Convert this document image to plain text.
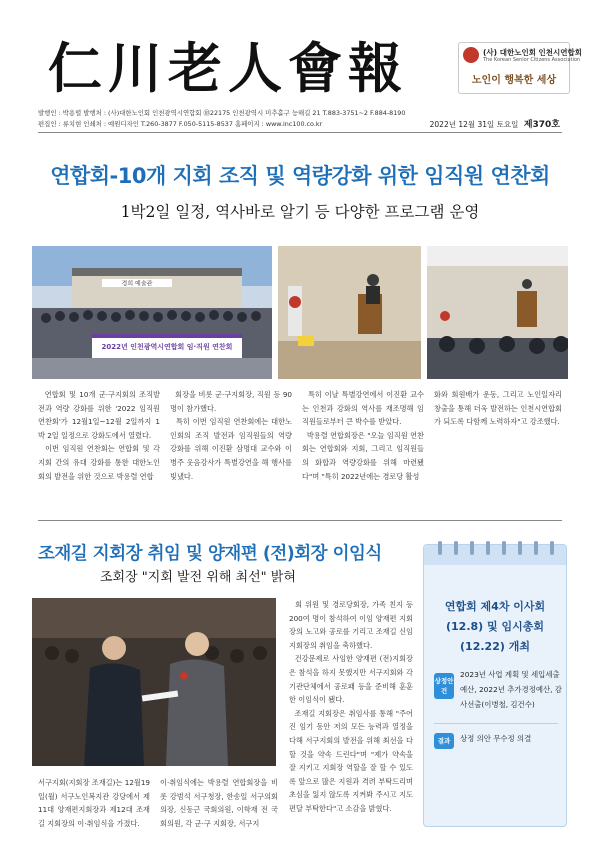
仁川老人會報	(사) 대한노인회 인천시연합회
The Korean Senior Citizens Association
노인이 행복한 세상
발행인 : 박용렬 발행처 : (사)대한노인회 인천광역시연합회 ㊞22175 인천광역시 미추홀구 능해길 21 T.883-3751~2 F.884-8190
편집인 : 류치현 인쇄처 : 예원디자인 T.260-3877 F.050-5115-8537 홈페이지 : www.inc100.co.kr	2022년 12월 31일 토요일 제370호
연합회-10개 지회 조직 및 역량강화 위한 임직원 연찬회
1박2일 일정, 역사바로 알기 등 다양한 프로그램 운영
경희 예술관
2022년 인천광역시연합회 임·직원 연찬회
연합회 및 10개 군·구지회의 조직발전과 역량 강화를 위한 '2022 임직원 연찬회'가 12월1일~12월 2일까지 1박 2일 일정으로 강화도에서 열렸다.
이번 임직원 연찬회는 연합회 및 각 지회 간의 유대 강화를 통한 대한노인회의 발전을 위한 것으로 박용렬 연합
회장을 비롯 군·구지회장, 직원 등 90명이 참가했다.
특히 이번 임직원 연찬회에는 대한노인회의 조직 발전과 임직원들의 역량 강화를 위해 이진환 삼명대 교수와 이병주 웃음강사가 특별강연을 해 행사를 빛냈다.
특히 이날 특별강연에서 이진환 교수는 인천과 강화의 역사를 재조명해 임직원들로부터 큰 박수를 받았다.
박용렬 연합회장은 "오늘 임직원 연찬회는 연합회와 지회, 그리고 임직원들의 화합과 역량강화를 위해 마련됐다"며 "특히 2022년에는 경로당 활성
화와 회원배가 운동, 그리고 노인일자리 창출을 통해 더욱 발전하는 인천시연합회가 되도록 다함께 노력하자"고 강조했다.
조재길 지회장 취임 및 양재편 (전)회장 이임식
조회장 "지회 발전 위해 최선" 밝혀
서구지회(지회장 조재길)는 12월19일(월) 서구노인복지관 강당에서 제11대 양재편지회장과 제12대 조재길 지회장의 이·취임식을 가졌다.
이·취임식에는 박용렬 연합회장을 비롯 강범석 서구청장, 한송일 서구의회 의장, 신동근 국회의원, 이학재 전 국회의원, 각 군·구 지회장, 서구지
회 위원 및 경로당회장, 가족 친지 등 200여 명이 참석하여 이임 양재편 지회장의 노고와 공로를 기리고 조재길 신임 지회장의 취임을 축하했다.
건강문제로 사임한 양재편 (전)지회장은 참석을 하지 못했지만 서구지회와 각 기관단체에서 공로패 등을 준비해 훈훈한 이임식이 됐다.
조재길 지회장은 취임사를 통해 "주어진 임기 동안 저의 모든 능력과 열정을 다해 서구지회의 발전을 위해 최선을 다할 것을 약속 드린다"며 "제가 약속을 잘 지키고 지회장 역할을 잘 할 수 있도록 앞으로 많은 지원과 격려 부탁드리며 초심을 잃지 않도록 지켜봐 주시고 지도편달 부탁한다"고 소감을 밝혔다.
연합회 제4차 이사회(12.8) 및 임시총회(12.22) 개최
상정안건
2023년 사업 계획 및 세입세출 예산, 2022년 추가경정예산, 감사선출(이병철, 김건수)
결과	상정 의안 무수정 의결
